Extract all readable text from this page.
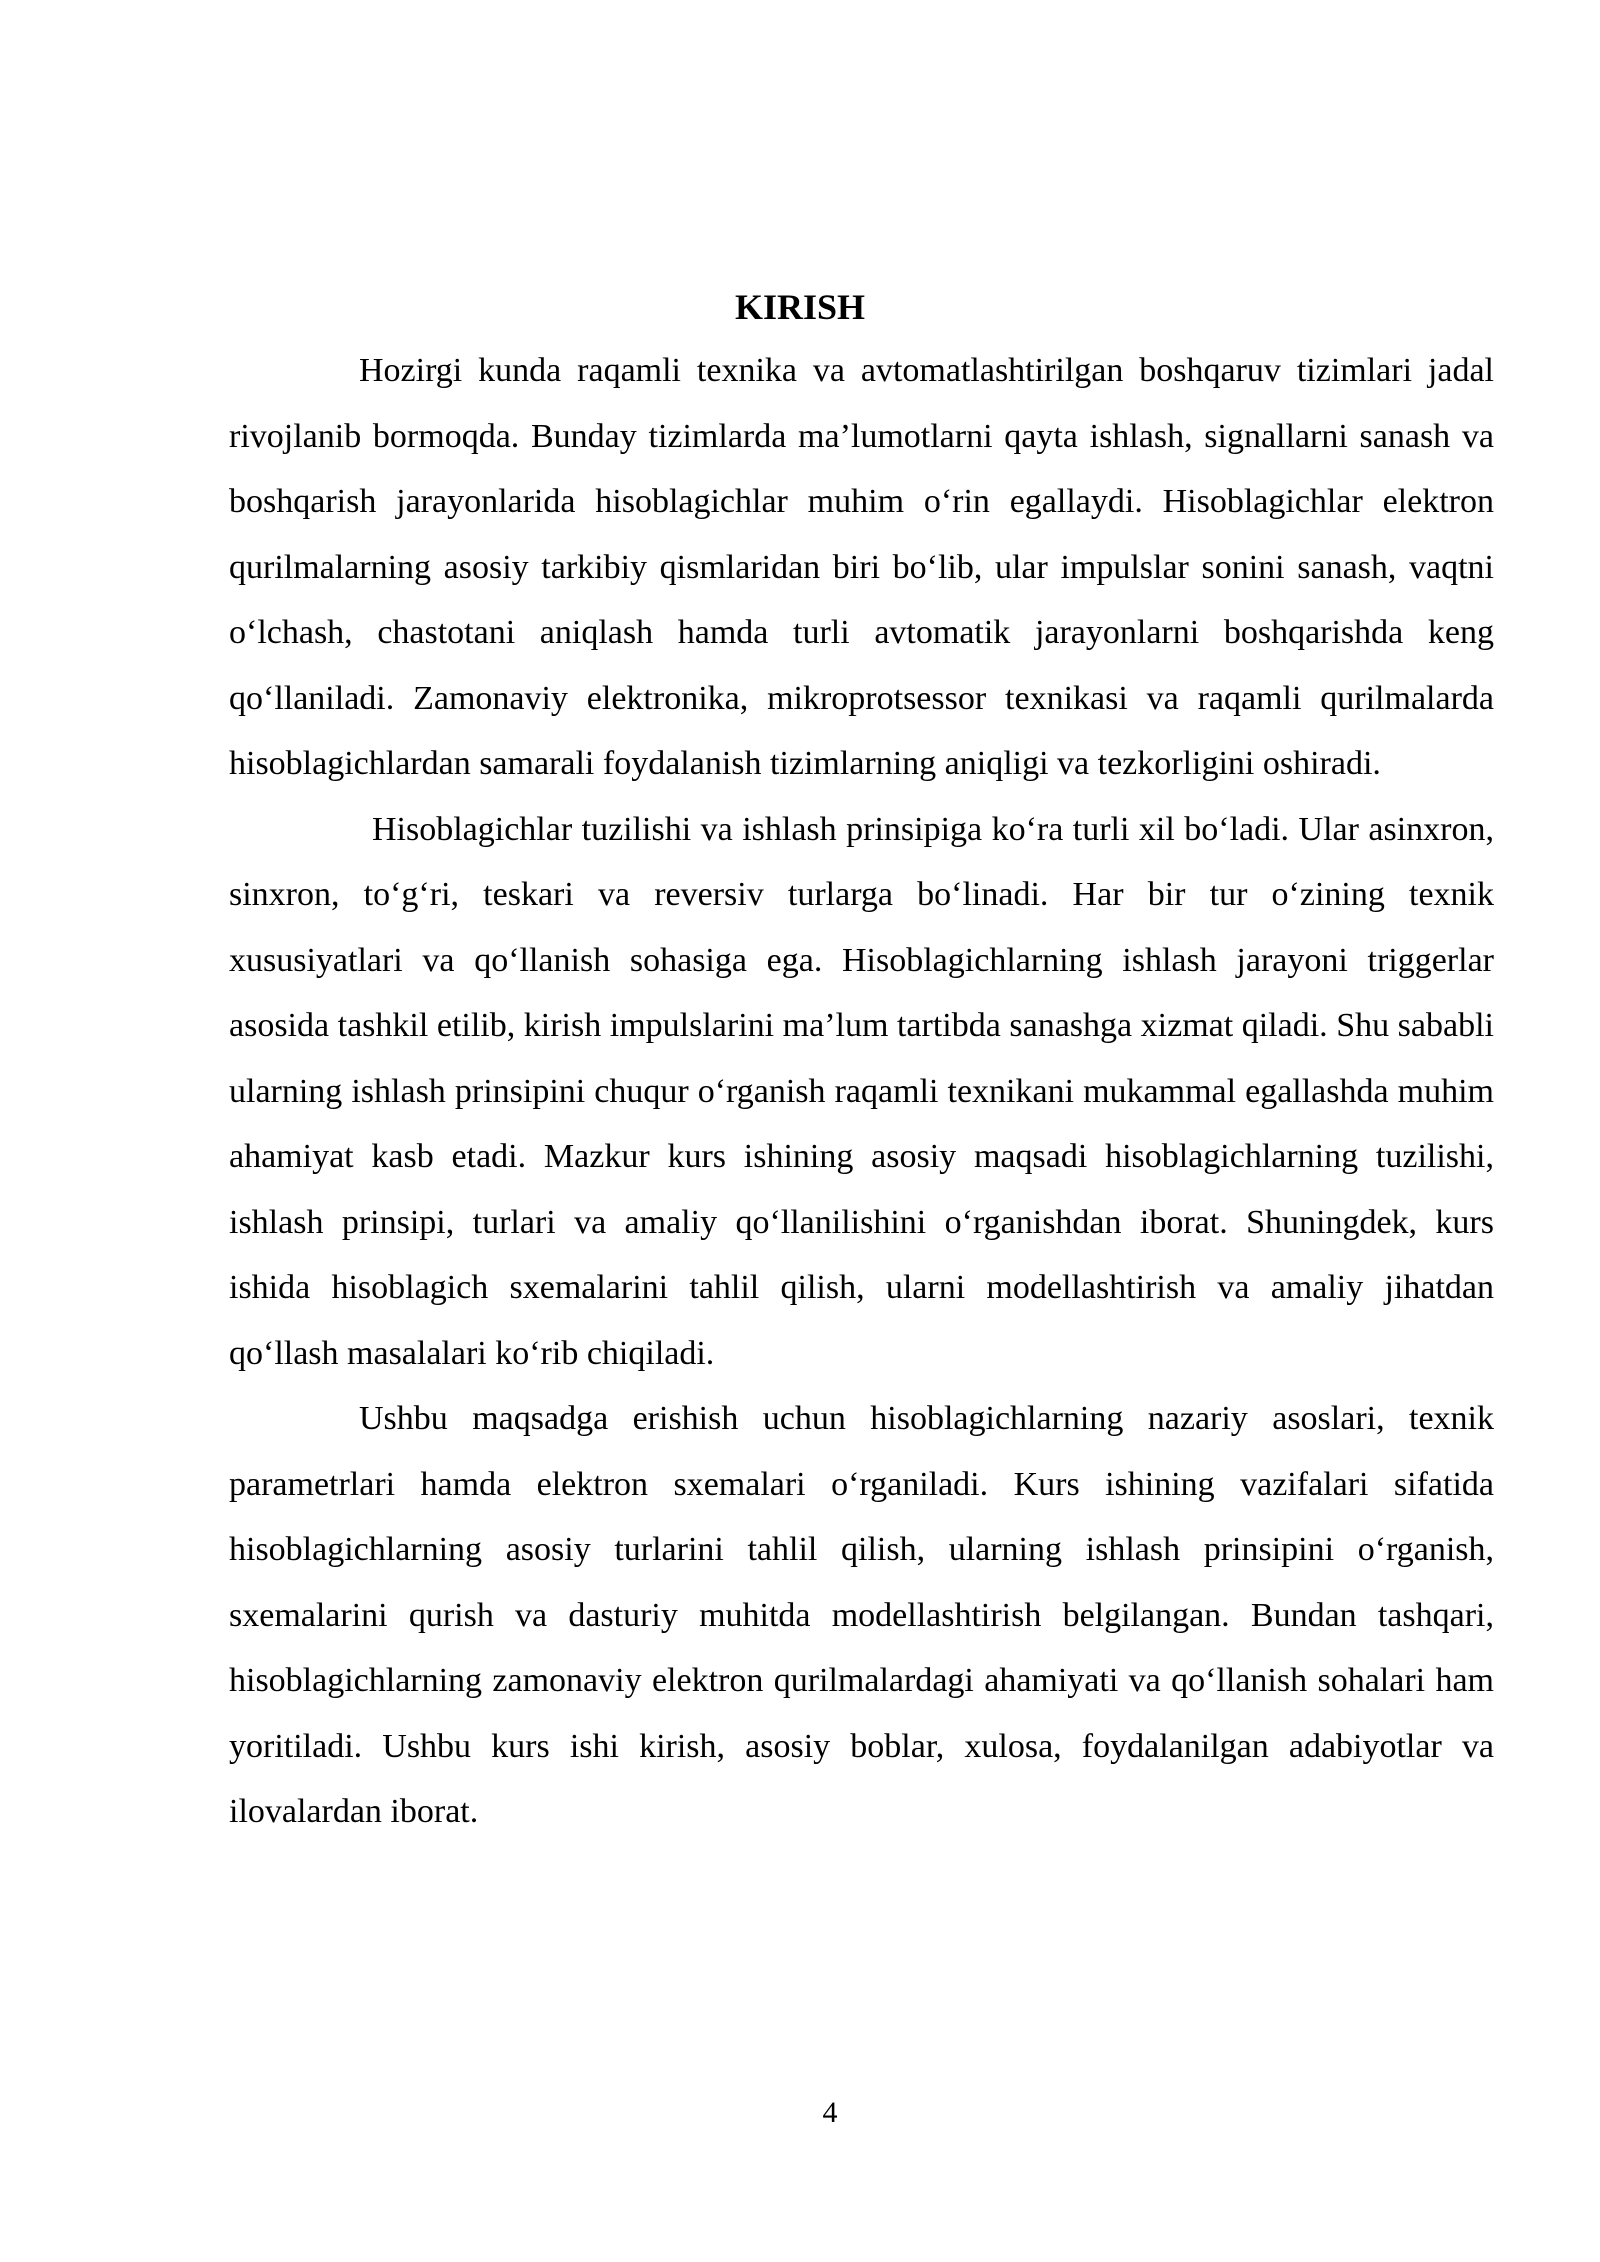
KIRISH

Hozirgi kunda raqamli texnika va avtomatlashtirilgan boshqaruv tizimlari jadal rivojlanib bormoqda. Bunday tizimlarda ma’lumotlarni qayta ishlash, signallarni sanash va boshqarish jarayonlarida hisoblagichlar muhim o‘rin egallaydi. Hisoblagichlar elektron qurilmalarning asosiy tarkibiy qismlaridan biri bo‘lib, ular impulslar sonini sanash, vaqtni o‘lchash, chastotani aniqlash hamda turli avtomatik jarayonlarni boshqarishda keng qo‘llaniladi. Zamonaviy elektronika, mikroprotsessor texnikasi va raqamli qurilmalarda hisoblagichlardan samarali foydalanish tizimlarning aniqligi va tezkorligini oshiradi.

Hisoblagichlar tuzilishi va ishlash prinsipiga ko‘ra turli xil bo‘ladi. Ular asinxron, sinxron, to‘g‘ri, teskari va reversiv turlarga bo‘linadi. Har bir tur o‘zining texnik xususiyatlari va qo‘llanish sohasiga ega. Hisoblagichlarning ishlash jarayoni triggerlar asosida tashkil etilib, kirish impulslarini ma’lum tartibda sanashga xizmat qiladi. Shu sababli ularning ishlash prinsipini chuqur o‘rganish raqamli texnikani mukammal egallashda muhim ahamiyat kasb etadi. Mazkur kurs ishining asosiy maqsadi hisoblagichlarning tuzilishi, ishlash prinsipi, turlari va amaliy qo‘llanilishini o‘rganishdan iborat. Shuningdek, kurs ishida hisoblagich sxemalarini tahlil qilish, ularni modellashtirish va amaliy jihatdan qo‘llash masalalari ko‘rib chiqiladi.

Ushbu maqsadga erishish uchun hisoblagichlarning nazariy asoslari, texnik parametrlari hamda elektron sxemalari o‘rganiladi. Kurs ishining vazifalari sifatida hisoblagichlarning asosiy turlarini tahlil qilish, ularning ishlash prinsipini o‘rganish, sxemalarini qurish va dasturiy muhitda modellashtirish belgilangan. Bundan tashqari, hisoblagichlarning zamonaviy elektron qurilmalardagi ahamiyati va qo‘llanish sohalari ham yoritiladi. Ushbu kurs ishi kirish, asosiy boblar, xulosa, foydalanilgan adabiyotlar va ilovalardan iborat.

4
